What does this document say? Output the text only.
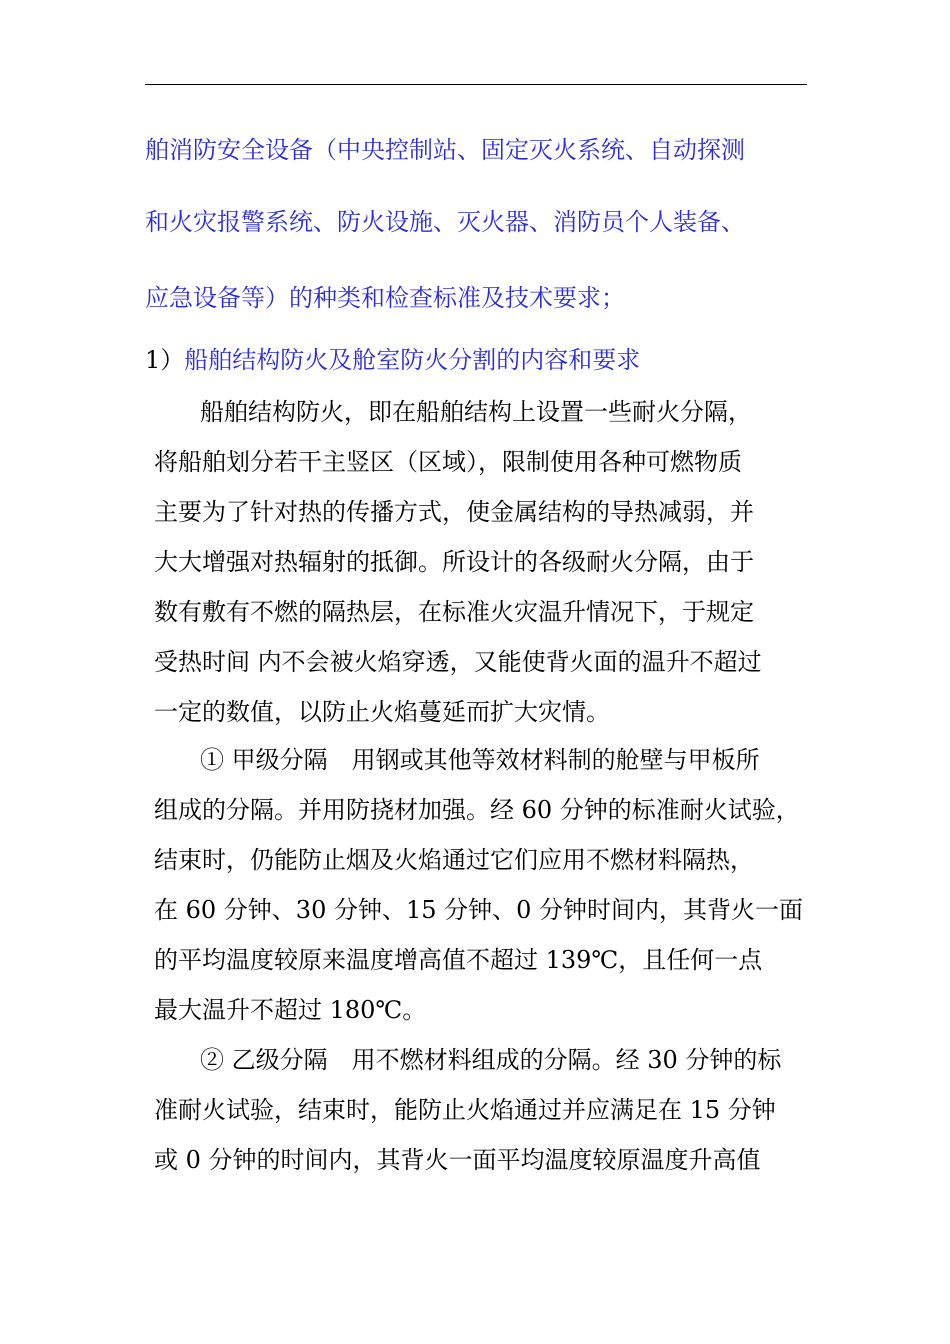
舶消防安全设备（中央控制站、固定灭火系统、自动探测
和火灾报警系统、防火设施、灭火器、消防员个人装备、
应急设备等）的种类和检查标准及技术要求；
1）船舶结构防火及舱室防火分割的内容和要求
船舶结构防火，即在船舶结构上设置一些耐火分隔，
将船舶划分若干主竖区（区域），限制使用各种可燃物质
主要为了针对热的传播方式，使金属结构的导热减弱，并
大大增强对热辐射的抵御。所设计的各级耐火分隔，由于
数有敷有不燃的隔热层，在标准火灾温升情况下，于规定
受热时间 内不会被火焰穿透，又能使背火面的温升不超过
一定的数值，以防止火焰蔓延而扩大灾情。
① 甲级分隔　用钢或其他等效材料制的舱壁与甲板所
组成的分隔。并用防挠材加强。经 60 分钟的标准耐火试验，
结束时，仍能防止烟及火焰通过它们应用不燃材料隔热，
在 60 分钟、30 分钟、15 分钟、0 分钟时间内，其背火一面
的平均温度较原来温度增高值不超过 139℃，且任何一点
最大温升不超过 180℃。
② 乙级分隔　用不燃材料组成的分隔。经 30 分钟的标
准耐火试验，结束时，能防止火焰通过并应满足在 15 分钟
或 0 分钟的时间内，其背火一面平均温度较原温度升高值
